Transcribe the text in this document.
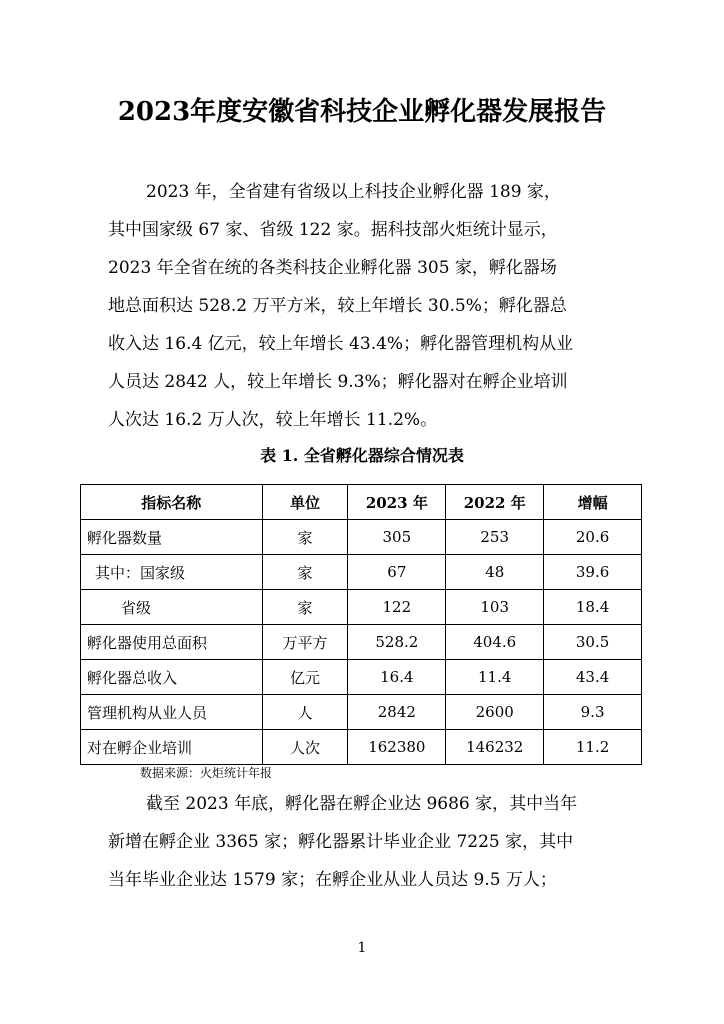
2023年度安徽省科技企业孵化器发展报告
2023 年，全省建有省级以上科技企业孵化器 189 家，
其中国家级 67 家、省级 122 家。据科技部火炬统计显示，
2023 年全省在统的各类科技企业孵化器 305 家，孵化器场
地总面积达 528.2 万平方米，较上年增长 30.5%；孵化器总
收入达 16.4 亿元，较上年增长 43.4%；孵化器管理机构从业
人员达 2842 人，较上年增长 9.3%；孵化器对在孵企业培训
人次达 16.2 万人次，较上年增长 11.2%。
表 1. 全省孵化器综合情况表
指标名称	单位	2023 年	2022 年	增幅
孵化器数量	家	305	253	20.6
其中：国家级	家	67	48	39.6
省级	家	122	103	18.4
孵化器使用总面积	万平方	528.2	404.6	30.5
孵化器总收入	亿元	16.4	11.4	43.4
管理机构从业人员	人	2842	2600	9.3
对在孵企业培训	人次	162380	146232	11.2
数据来源：火炬统计年报
截至 2023 年底，孵化器在孵企业达 9686 家，其中当年
新增在孵企业 3365 家；孵化器累计毕业企业 7225 家，其中
当年毕业企业达 1579 家；在孵企业从业人员达 9.5 万人；
1
